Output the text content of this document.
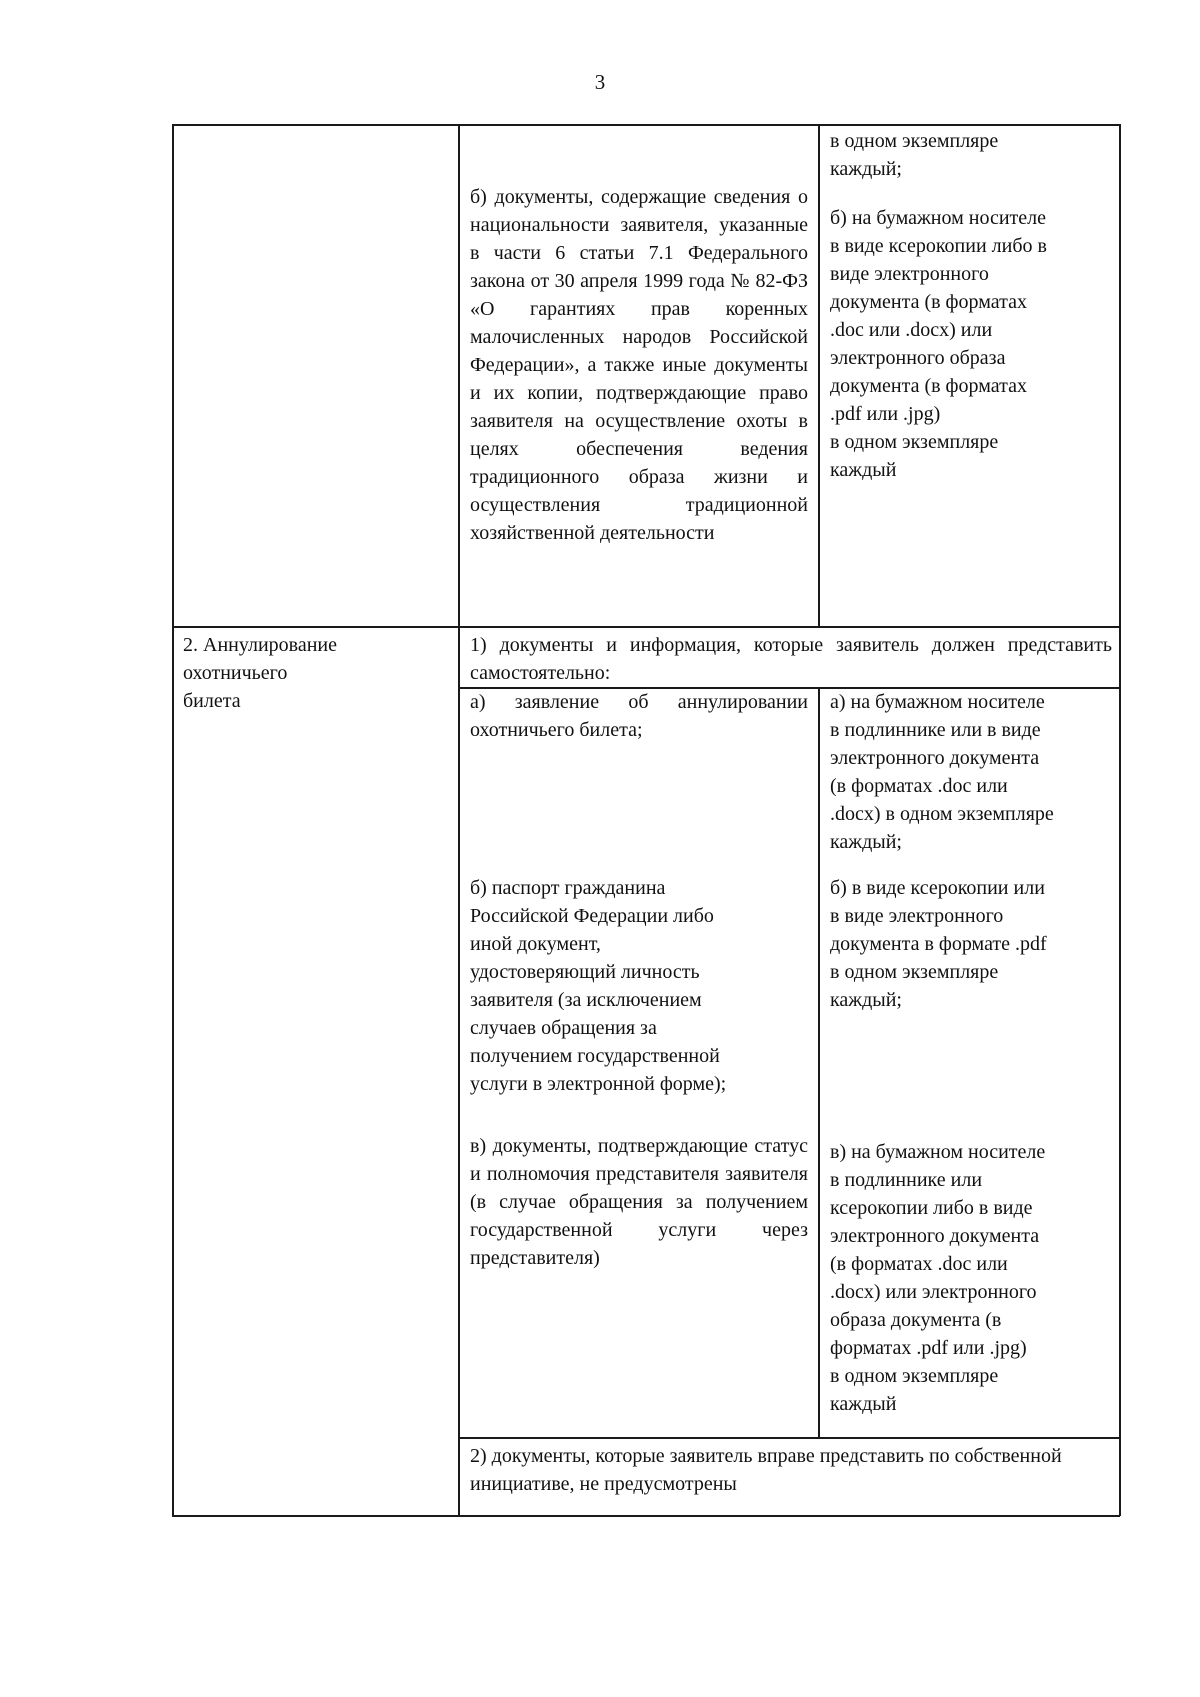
3
в одном экземпляре
каждый;
б) документы, содержащие сведения о национальности заявителя, указанные в части 6 статьи 7.1 Федерального закона от 30 апреля 1999 года № 82-ФЗ «О гарантиях прав коренных малочисленных народов Российской Федерации», а также иные документы и их копии, подтверждающие право заявителя на осуществление охоты в целях обеспечения ведения традиционного образа жизни и осуществления традиционной хозяйственной деятельности
б) на бумажном носителе
в виде ксерокопии либо в
виде электронного
документа (в форматах
.doc или .docx) или
электронного образа
документа (в форматах
.pdf или .jpg)
в одном экземпляре
каждый
2. Аннулирование
охотничьего
билета
1) документы и информация, которые заявитель должен представить самостоятельно:
а) заявление об аннулировании охотничьего билета;
а) на бумажном носителе
в подлиннике или в виде
электронного документа
(в форматах .doc или
.docx) в одном экземпляре
каждый;
б) паспорт гражданина
Российской Федерации либо
иной документ,
удостоверяющий личность
заявителя (за исключением
случаев обращения за
получением государственной
услуги в электронной форме);
б) в виде ксерокопии или
в виде электронного
документа в формате .pdf
в одном экземпляре
каждый;
в) документы, подтверждающие статус и полномочия представителя заявителя (в случае обращения за получением государственной услуги через представителя)
в) на бумажном носителе
в подлиннике или
ксерокопии либо в виде
электронного документа
(в форматах .doc или
.docx) или электронного
образа документа (в
форматах .pdf или .jpg)
в одном экземпляре
каждый
2) документы, которые заявитель вправе представить по собственной инициативе, не предусмотрены
